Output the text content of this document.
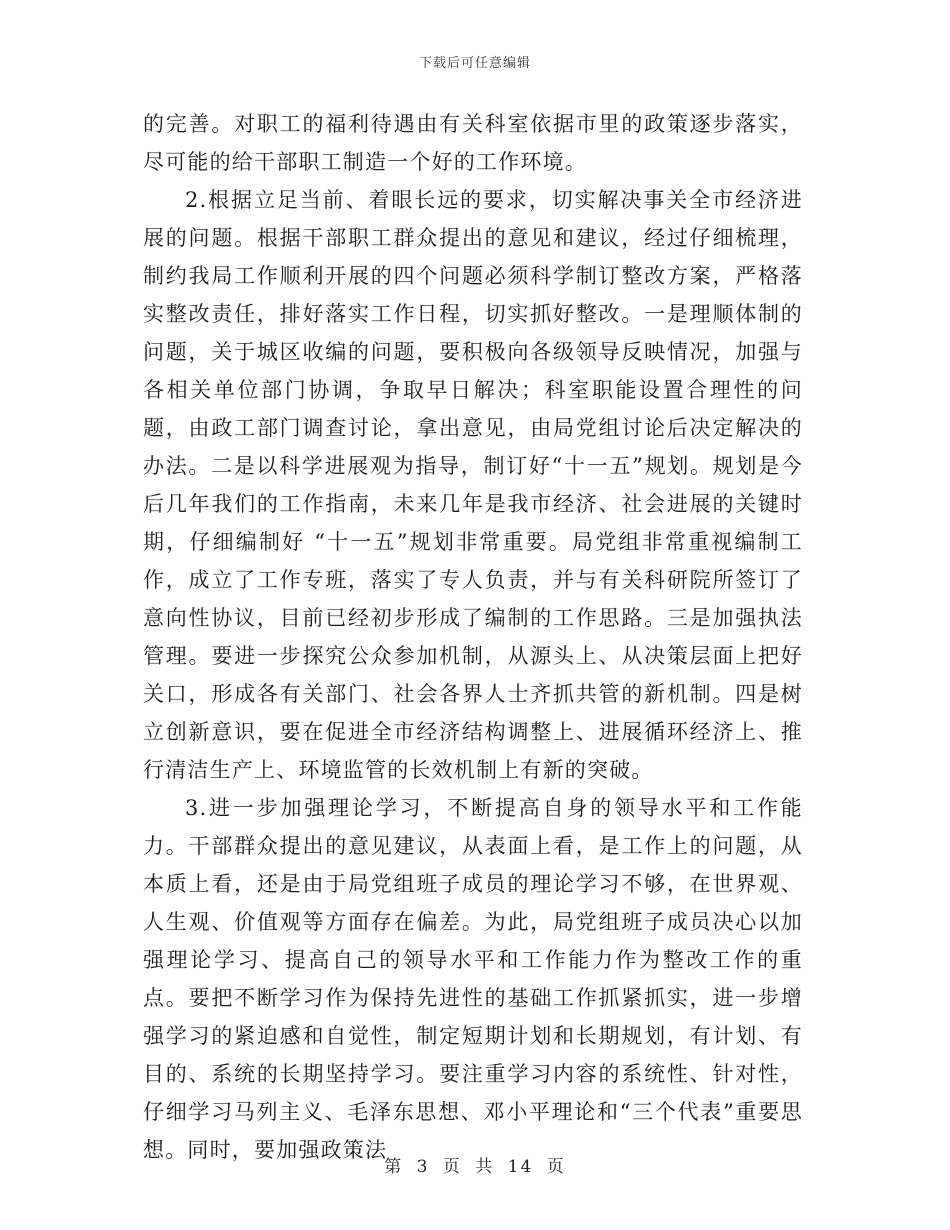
下载后可任意编辑

的完善。对职工的福利待遇由有关科室依据市里的政策逐步落实，尽可能的给干部职工制造一个好的工作环境。

2.根据立足当前、着眼长远的要求，切实解决事关全市经济进展的问题。根据干部职工群众提出的意见和建议，经过仔细梳理，制约我局工作顺利开展的四个问题必须科学制订整改方案，严格落实整改责任，排好落实工作日程，切实抓好整改。一是理顺体制的问题，关于城区收编的问题，要积极向各级领导反映情况，加强与各相关单位部门协调，争取早日解决；科室职能设置合理性的问题，由政工部门调查讨论，拿出意见，由局党组讨论后决定解决的办法。二是以科学进展观为指导，制订好“十一五”规划。规划是今后几年我们的工作指南，未来几年是我市经济、社会进展的关键时期，仔细编制好 “十一五”规划非常重要。局党组非常重视编制工作，成立了工作专班，落实了专人负责，并与有关科研院所签订了意向性协议，目前已经初步形成了编制的工作思路。三是加强执法管理。要进一步探究公众参加机制，从源头上、从决策层面上把好关口，形成各有关部门、社会各界人士齐抓共管的新机制。四是树立创新意识，要在促进全市经济结构调整上、进展循环经济上、推行清洁生产上、环境监管的长效机制上有新的突破。

3.进一步加强理论学习，不断提高自身的领导水平和工作能力。干部群众提出的意见建议，从表面上看，是工作上的问题，从本质上看，还是由于局党组班子成员的理论学习不够，在世界观、人生观、价值观等方面存在偏差。为此，局党组班子成员决心以加强理论学习、提高自己的领导水平和工作能力作为整改工作的重点。要把不断学习作为保持先进性的基础工作抓紧抓实，进一步增强学习的紧迫感和自觉性，制定短期计划和长期规划，有计划、有目的、系统的长期坚持学习。要注重学习内容的系统性、针对性，仔细学习马列主义、毛泽东思想、邓小平理论和“三个代表”重要思想。同时，要加强政策法

第 3 页 共 14 页
